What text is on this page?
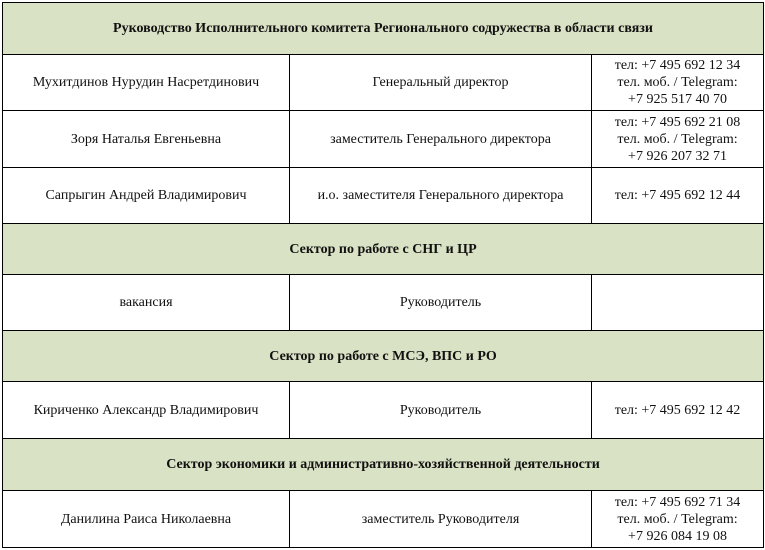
Руководство Исполнительного комитета Регионального содружества в области связи		
Мухитдинов Нурудин Насретдинович	Генеральный директор	тел: +7 495 692 12 34
тел. моб. / Telegram:
+7 925 517 40 70

Зоря Наталья Евгеньевна	заместитель Генерального директора	тел: +7 495 692 21 08
тел. моб. / Telegram:
+7 926 207 32 71

Сапрыгин Андрей Владимирович	и.о. заместителя Генерального директора	тел: +7 495 692 12 44

Сектор по работе с СНГ и ЦР		
вакансия	Руководитель	
Сектор по работе с МСЭ, ВПС и РО		
Кириченко Александр Владимирович	Руководитель	тел: +7 495 692 12 42

Сектор экономики и административно-хозяйственной деятельности		
Данилина Раиса Николаевна	заместитель Руководителя	тел: +7 495 692 71 34
тел. моб. / Telegram:
+7 926 084 19 08
